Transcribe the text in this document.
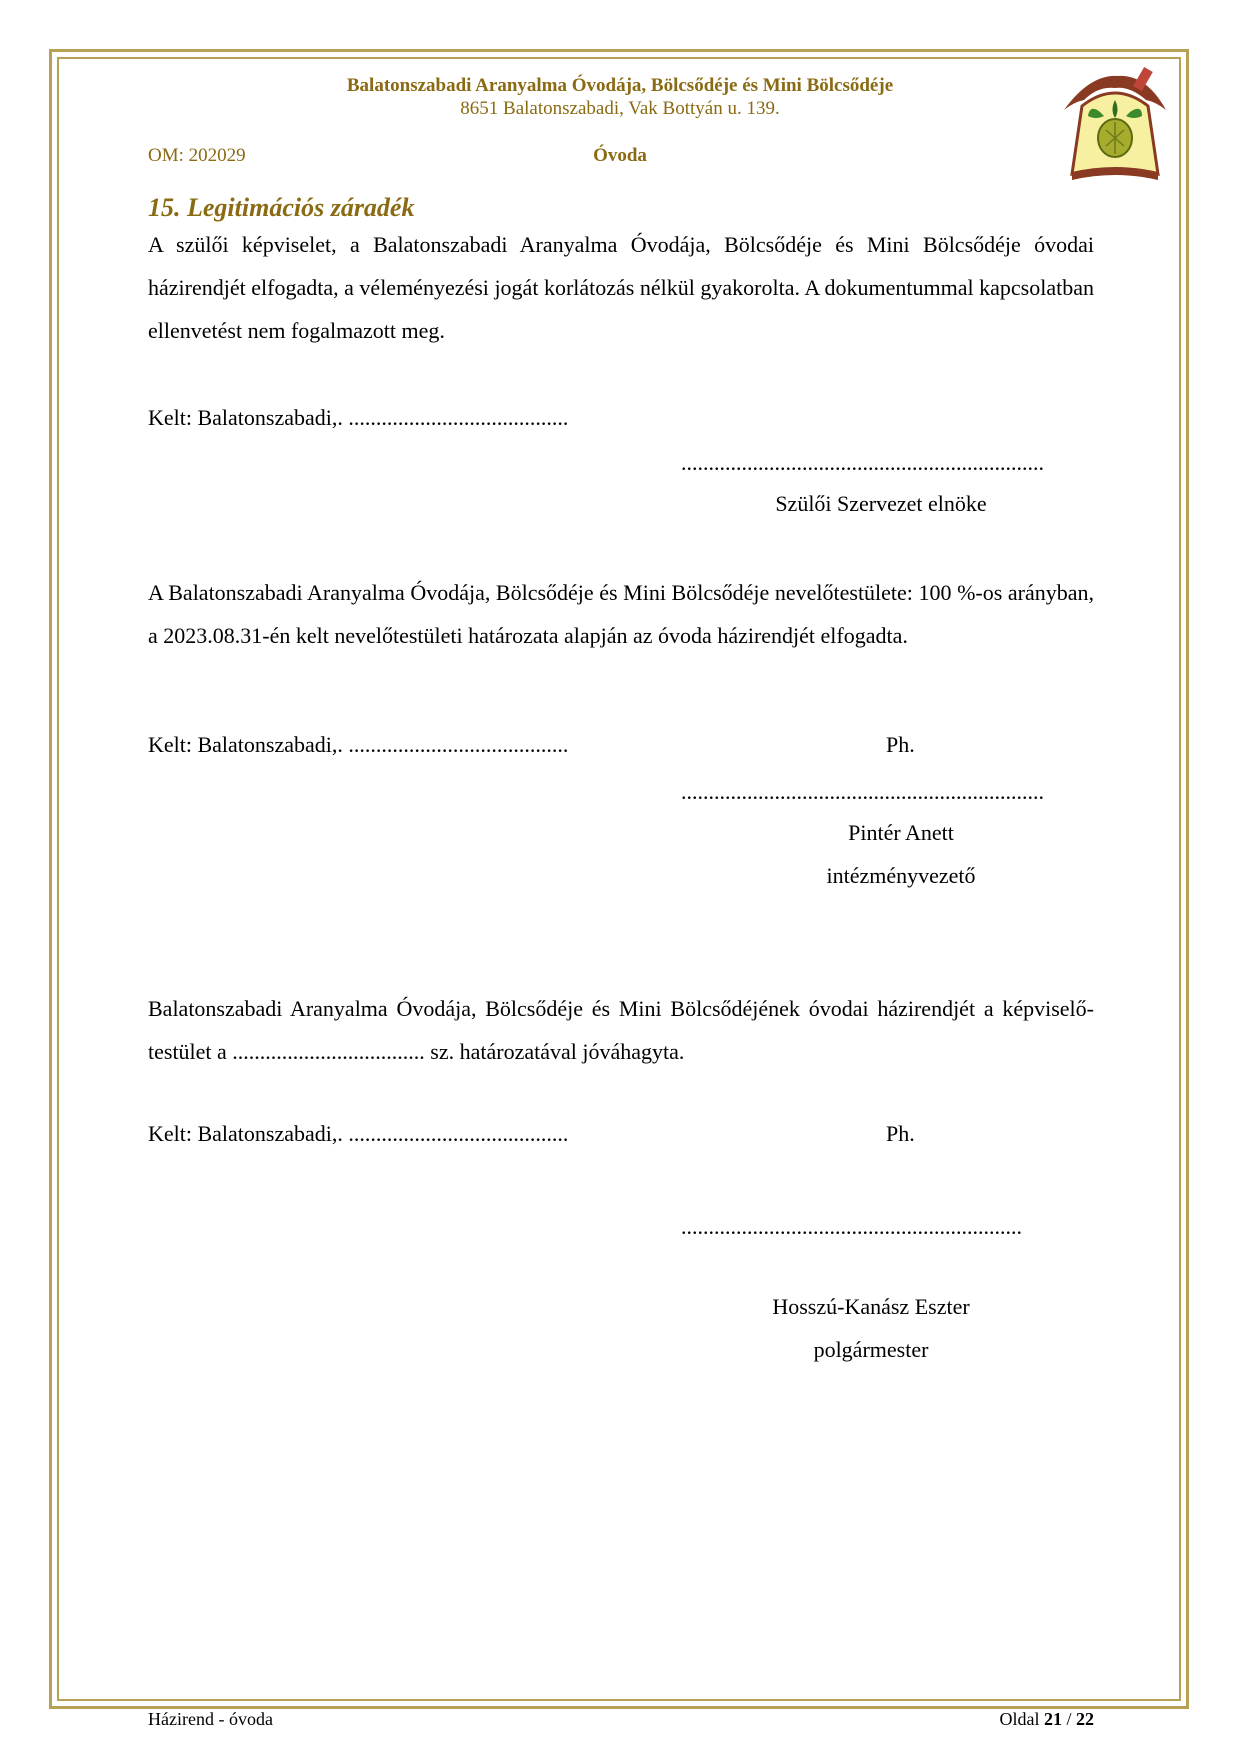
Balatonszabadi Aranyalma Óvodája, Bölcsődéje és Mini Bölcsődéje
8651 Balatonszabadi, Vak Bottyán u. 139.
OM: 202029	Óvoda
15. Legitimációs záradék
A szülői képviselet, a Balatonszabadi Aranyalma Óvodája, Bölcsődéje és Mini Bölcsődéje óvodai házirendjét elfogadta, a véleményezési jogát korlátozás nélkül gyakorolta. A dokumentummal kapcsolatban ellenvetést nem fogalmazott meg.
Kelt: Balatonszabadi,. ........................................
..................................................................
Szülői Szervezet elnöke
A Balatonszabadi Aranyalma Óvodája, Bölcsődéje és Mini Bölcsődéje nevelőtestülete: 100 %-os arányban, a 2023.08.31-én kelt nevelőtestületi határozata alapján az óvoda házirendjét elfogadta.
Kelt: Balatonszabadi,. ........................................	Ph.
..................................................................
Pintér Anett
intézményvezető
Balatonszabadi Aranyalma Óvodája, Bölcsődéje és Mini Bölcsődéjének óvodai házirendjét a képviselő-testület a ................................... sz. határozatával jóváhagyta.
Kelt: Balatonszabadi,. ........................................	Ph.
..............................................................
Hosszú-Kanász Eszter
polgármester
Házirend - óvoda	Oldal 21 / 22
